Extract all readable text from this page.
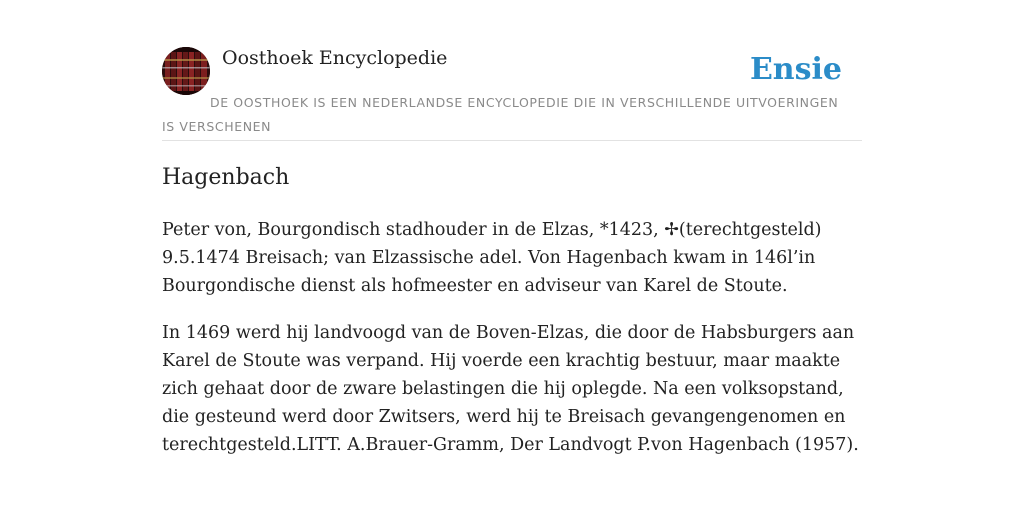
Oosthoek Encyclopedie	Ensie
DE OOSTHOEK IS EEN NEDERLANDSE ENCYCLOPEDIE DIE IN VERSCHILLENDE UITVOERINGEN IS VERSCHENEN
Hagenbach

Peter von, Bourgondisch stadhouder in de Elzas, *1423, ✢(terechtgesteld) 9.5.1474 Breisach; van Elzassische adel. Von Hagenbach kwam in 146l’in Bourgondische dienst als hofmeester en adviseur van Karel de Stoute.

In 1469 werd hij landvoogd van de Boven-Elzas, die door de Habsburgers aan Karel de Stoute was verpand. Hij voerde een krachtig bestuur, maar maakte zich gehaat door de zware belastingen die hij oplegde. Na een volksopstand, die gesteund werd door Zwitsers, werd hij te Breisach gevangengenomen en terechtgesteld.LITT. A.Brauer-Gramm, Der Landvogt P.von Hagenbach (1957).
